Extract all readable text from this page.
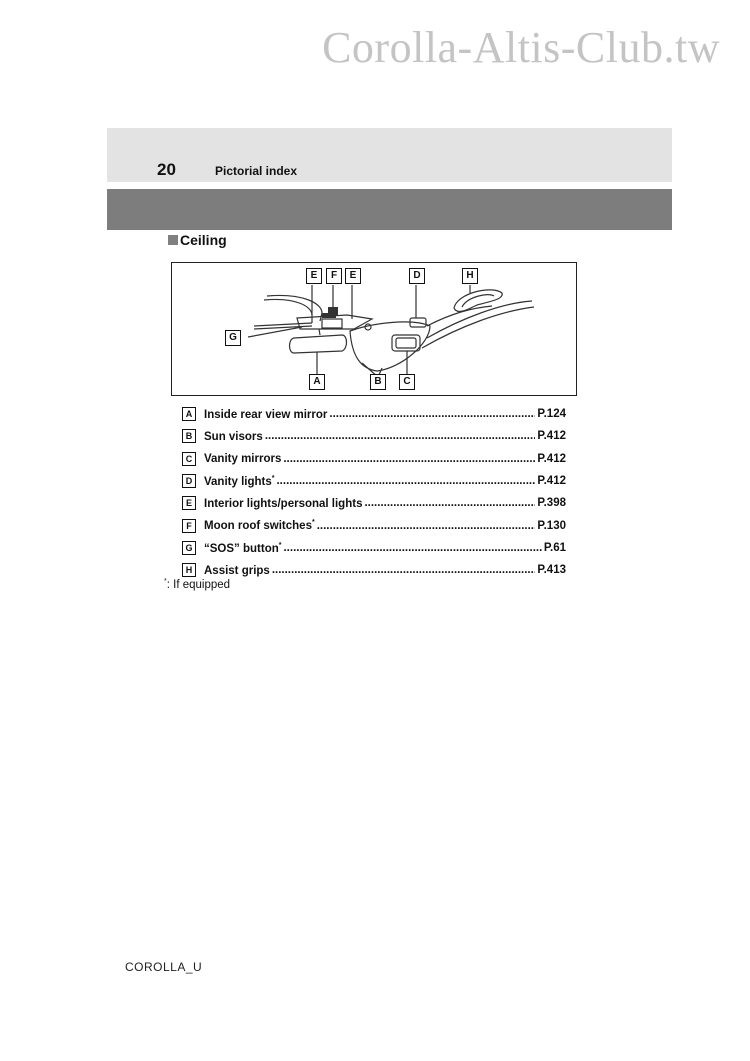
Corolla-Altis-Club.tw
20	Pictorial index
Ceiling
E	F	E	D	H
G
A	B	C
A	Inside rear view mirror .....	P.124
B	Sun visors .....	P.412
C	Vanity mirrors .....	P.412
D	Vanity lights* .....	P.412
E	Interior lights/personal lights .....	P.398
F	Moon roof switches* .....	P.130
G	“SOS” button* .....	P.61
H	Assist grips .....	P.413
*: If equipped
COROLLA_U
